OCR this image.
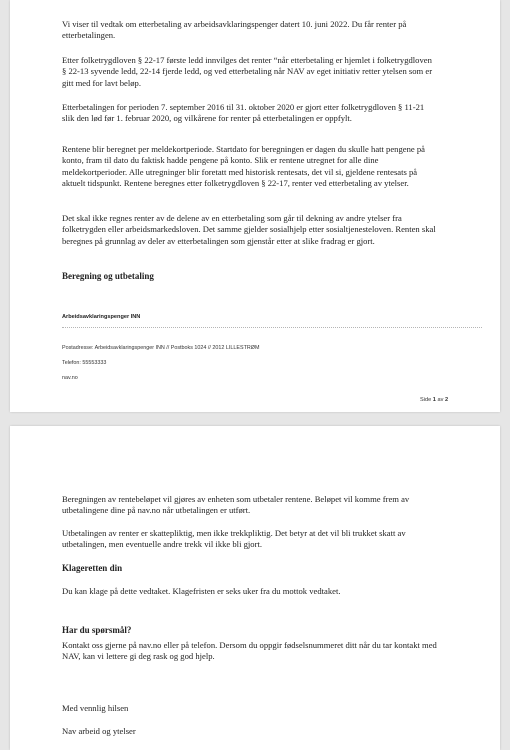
Vi viser til vedtak om etterbetaling av arbeidsavklaringspenger datert 10. juni 2022. Du får renter på etterbetalingen.

Etter folketrygdloven § 22-17 første ledd innvilges det renter “når etterbetaling er hjemlet i folketrygdloven § 22-13 syvende ledd, 22-14 fjerde ledd, og ved etterbetaling når NAV av eget initiativ retter ytelsen som er gitt med for lavt beløp.

Etterbetalingen for perioden 7. september 2016 til 31. oktober 2020 er gjort etter folketrygdloven § 11-21 slik den lød før 1. februar 2020, og vilkårene for renter på etterbetalingen er oppfylt.

Rentene blir beregnet per meldekortperiode. Startdato for beregningen er dagen du skulle hatt pengene på konto, fram til dato du faktisk hadde pengene på konto. Slik er rentene utregnet for alle dine meldekortperioder. Alle utregninger blir foretatt med historisk rentesats, det vil si, gjeldene rentesats på aktuelt tidspunkt. Rentene beregnes etter folketrygdloven § 22-17, renter ved etterbetaling av ytelser.

Det skal ikke regnes renter av de delene av en etterbetaling som går til dekning av andre ytelser fra folketrygden eller arbeidsmarkedsloven. Det samme gjelder sosialhjelp etter sosialtjenesteloven. Renten skal beregnes på grunnlag av deler av etterbetalingen som gjenstår etter at slike fradrag er gjort.

Beregning og utbetaling
Arbeidsavklaringspenger INN
Postadresse: Arbeidsavklaringspenger INN // Postboks 1024 // 2012 LILLESTRØM
Telefon: 55553333
nav.no
Side 1 av 2

Beregningen av rentebeløpet vil gjøres av enheten som utbetaler rentene. Beløpet vil komme frem av utbetalingene dine på nav.no når utbetalingen er utført.

Utbetalingen av renter er skattepliktig, men ikke trekkpliktig. Det betyr at det vil bli trukket skatt av utbetalingen, men eventuelle andre trekk vil ikke bli gjort.

Klageretten din

Du kan klage på dette vedtaket. Klagefristen er seks uker fra du mottok vedtaket.

Har du spørsmål?

Kontakt oss gjerne på nav.no eller på telefon. Dersom du oppgir fødselsnummeret ditt når du tar kontakt med NAV, kan vi lettere gi deg rask og god hjelp.

Med vennlig hilsen

Nav arbeid og ytelser
